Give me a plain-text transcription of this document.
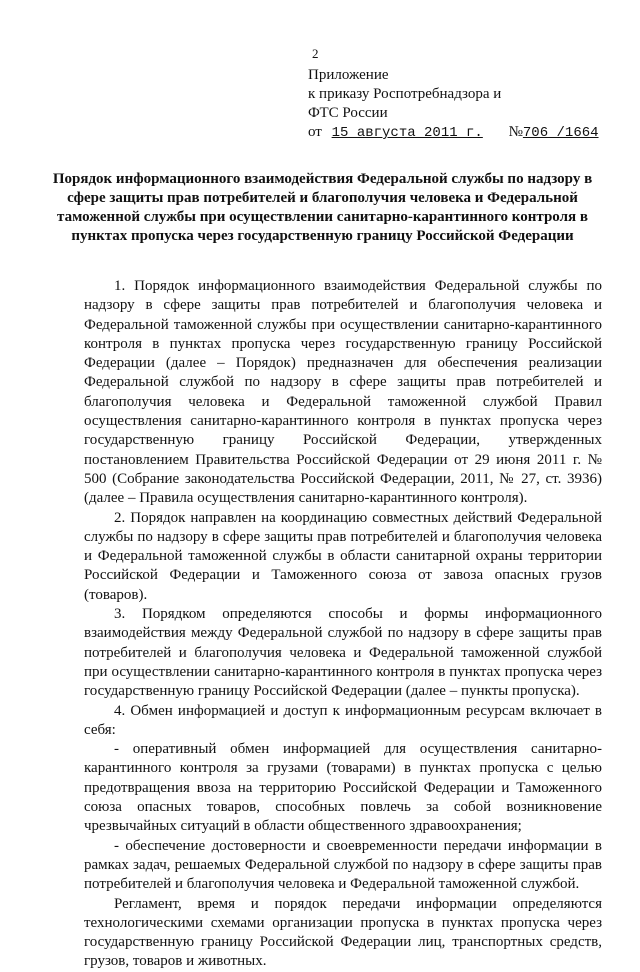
2
Приложение
к приказу Роспотребнадзора и
ФТС России
от 15 августа 2011 г. №706 /1664
Порядок информационного взаимодействия Федеральной службы по надзору в сфере защиты прав потребителей и благополучия человека и Федеральной таможенной службы при осуществлении санитарно-карантинного контроля в пунктах пропуска через государственную границу Российской Федерации

1. Порядок информационного взаимодействия Федеральной службы по надзору в сфере защиты прав потребителей и благополучия человека и Федеральной таможенной службы при осуществлении санитарно-карантинного контроля в пунктах пропуска через государственную границу Российской Федерации (далее – Порядок) предназначен для обеспечения реализации Федеральной службой по надзору в сфере защиты прав потребителей и благополучия человека и Федеральной таможенной службой Правил осуществления санитарно-карантинного контроля в пунктах пропуска через государственную границу Российской Федерации, утвержденных постановлением Правительства Российской Федерации от 29 июня 2011 г. № 500 (Собрание законодательства Российской Федерации, 2011, № 27, ст. 3936) (далее – Правила осуществления санитарно-карантинного контроля).

2. Порядок направлен на координацию совместных действий Федеральной службы по надзору в сфере защиты прав потребителей и благополучия человека и Федеральной таможенной службы в области санитарной охраны территории Российской Федерации и Таможенного союза от завоза опасных грузов (товаров).

3. Порядком определяются способы и формы информационного взаимодействия между Федеральной службой по надзору в сфере защиты прав потребителей и благополучия человека и Федеральной таможенной службой при осуществлении санитарно-карантинного контроля в пунктах пропуска через государственную границу Российской Федерации (далее – пункты пропуска).

4. Обмен информацией и доступ к информационным ресурсам включает в себя:

- оперативный обмен информацией для осуществления санитарно-карантинного контроля за грузами (товарами) в пунктах пропуска с целью предотвращения ввоза на территорию Российской Федерации и Таможенного союза опасных товаров, способных повлечь за собой возникновение чрезвычайных ситуаций в области общественного здравоохранения;

- обеспечение достоверности и своевременности передачи информации в рамках задач, решаемых Федеральной службой по надзору в сфере защиты прав потребителей и благополучия человека и Федеральной таможенной службой.

Регламент, время и порядок передачи информации определяются технологическими схемами организации пропуска в пунктах пропуска через государственную границу Российской Федерации лиц, транспортных средств, грузов, товаров и животных.
